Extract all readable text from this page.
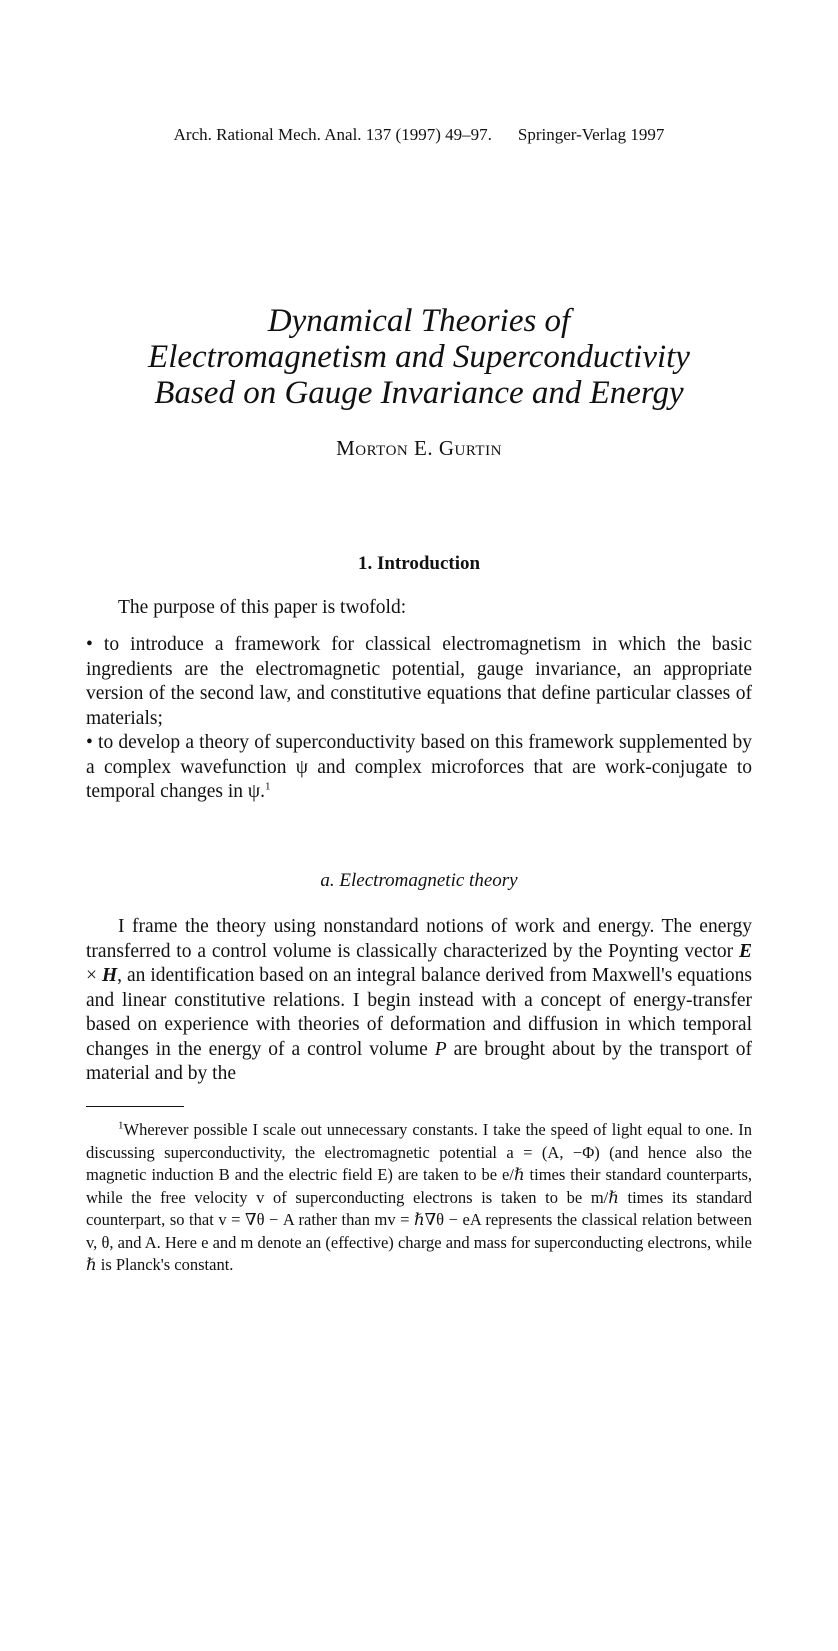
Arch. Rational Mech. Anal. 137 (1997) 49–97. Springer-Verlag 1997
Dynamical Theories of
Electromagnetism and Superconductivity
Based on Gauge Invariance and Energy
Morton E. Gurtin
1. Introduction
The purpose of this paper is twofold:

• to introduce a framework for classical electromagnetism in which the basic ingredients are the electromagnetic potential, gauge invariance, an appropriate version of the second law, and constitutive equations that define particular classes of materials;

• to develop a theory of superconductivity based on this framework supplemented by a complex wavefunction ψ and complex microforces that are work-conjugate to temporal changes in ψ.$^1$

a. Electromagnetic theory
I frame the theory using nonstandard notions of work and energy. The energy transferred to a control volume is classically characterized by the Poynting vector E × H, an identification based on an integral balance derived from Maxwell's equations and linear constitutive relations. I begin instead with a concept of energy-transfer based on experience with theories of deformation and diffusion in which temporal changes in the energy of a control volume P are brought about by the transport of material and by the
$^1$Wherever possible I scale out unnecessary constants. I take the speed of light equal to one. In discussing superconductivity, the electromagnetic potential a = (A, −Φ) (and hence also the magnetic induction B and the electric field E) are taken to be e/ℏ times their standard counterparts, while the free velocity v of superconducting electrons is taken to be m/ℏ times its standard counterpart, so that v = ∇θ − A rather than mv = ℏ∇θ − eA represents the classical relation between v, θ, and A. Here e and m denote an (effective) charge and mass for superconducting electrons, while ℏ is Planck's constant.
